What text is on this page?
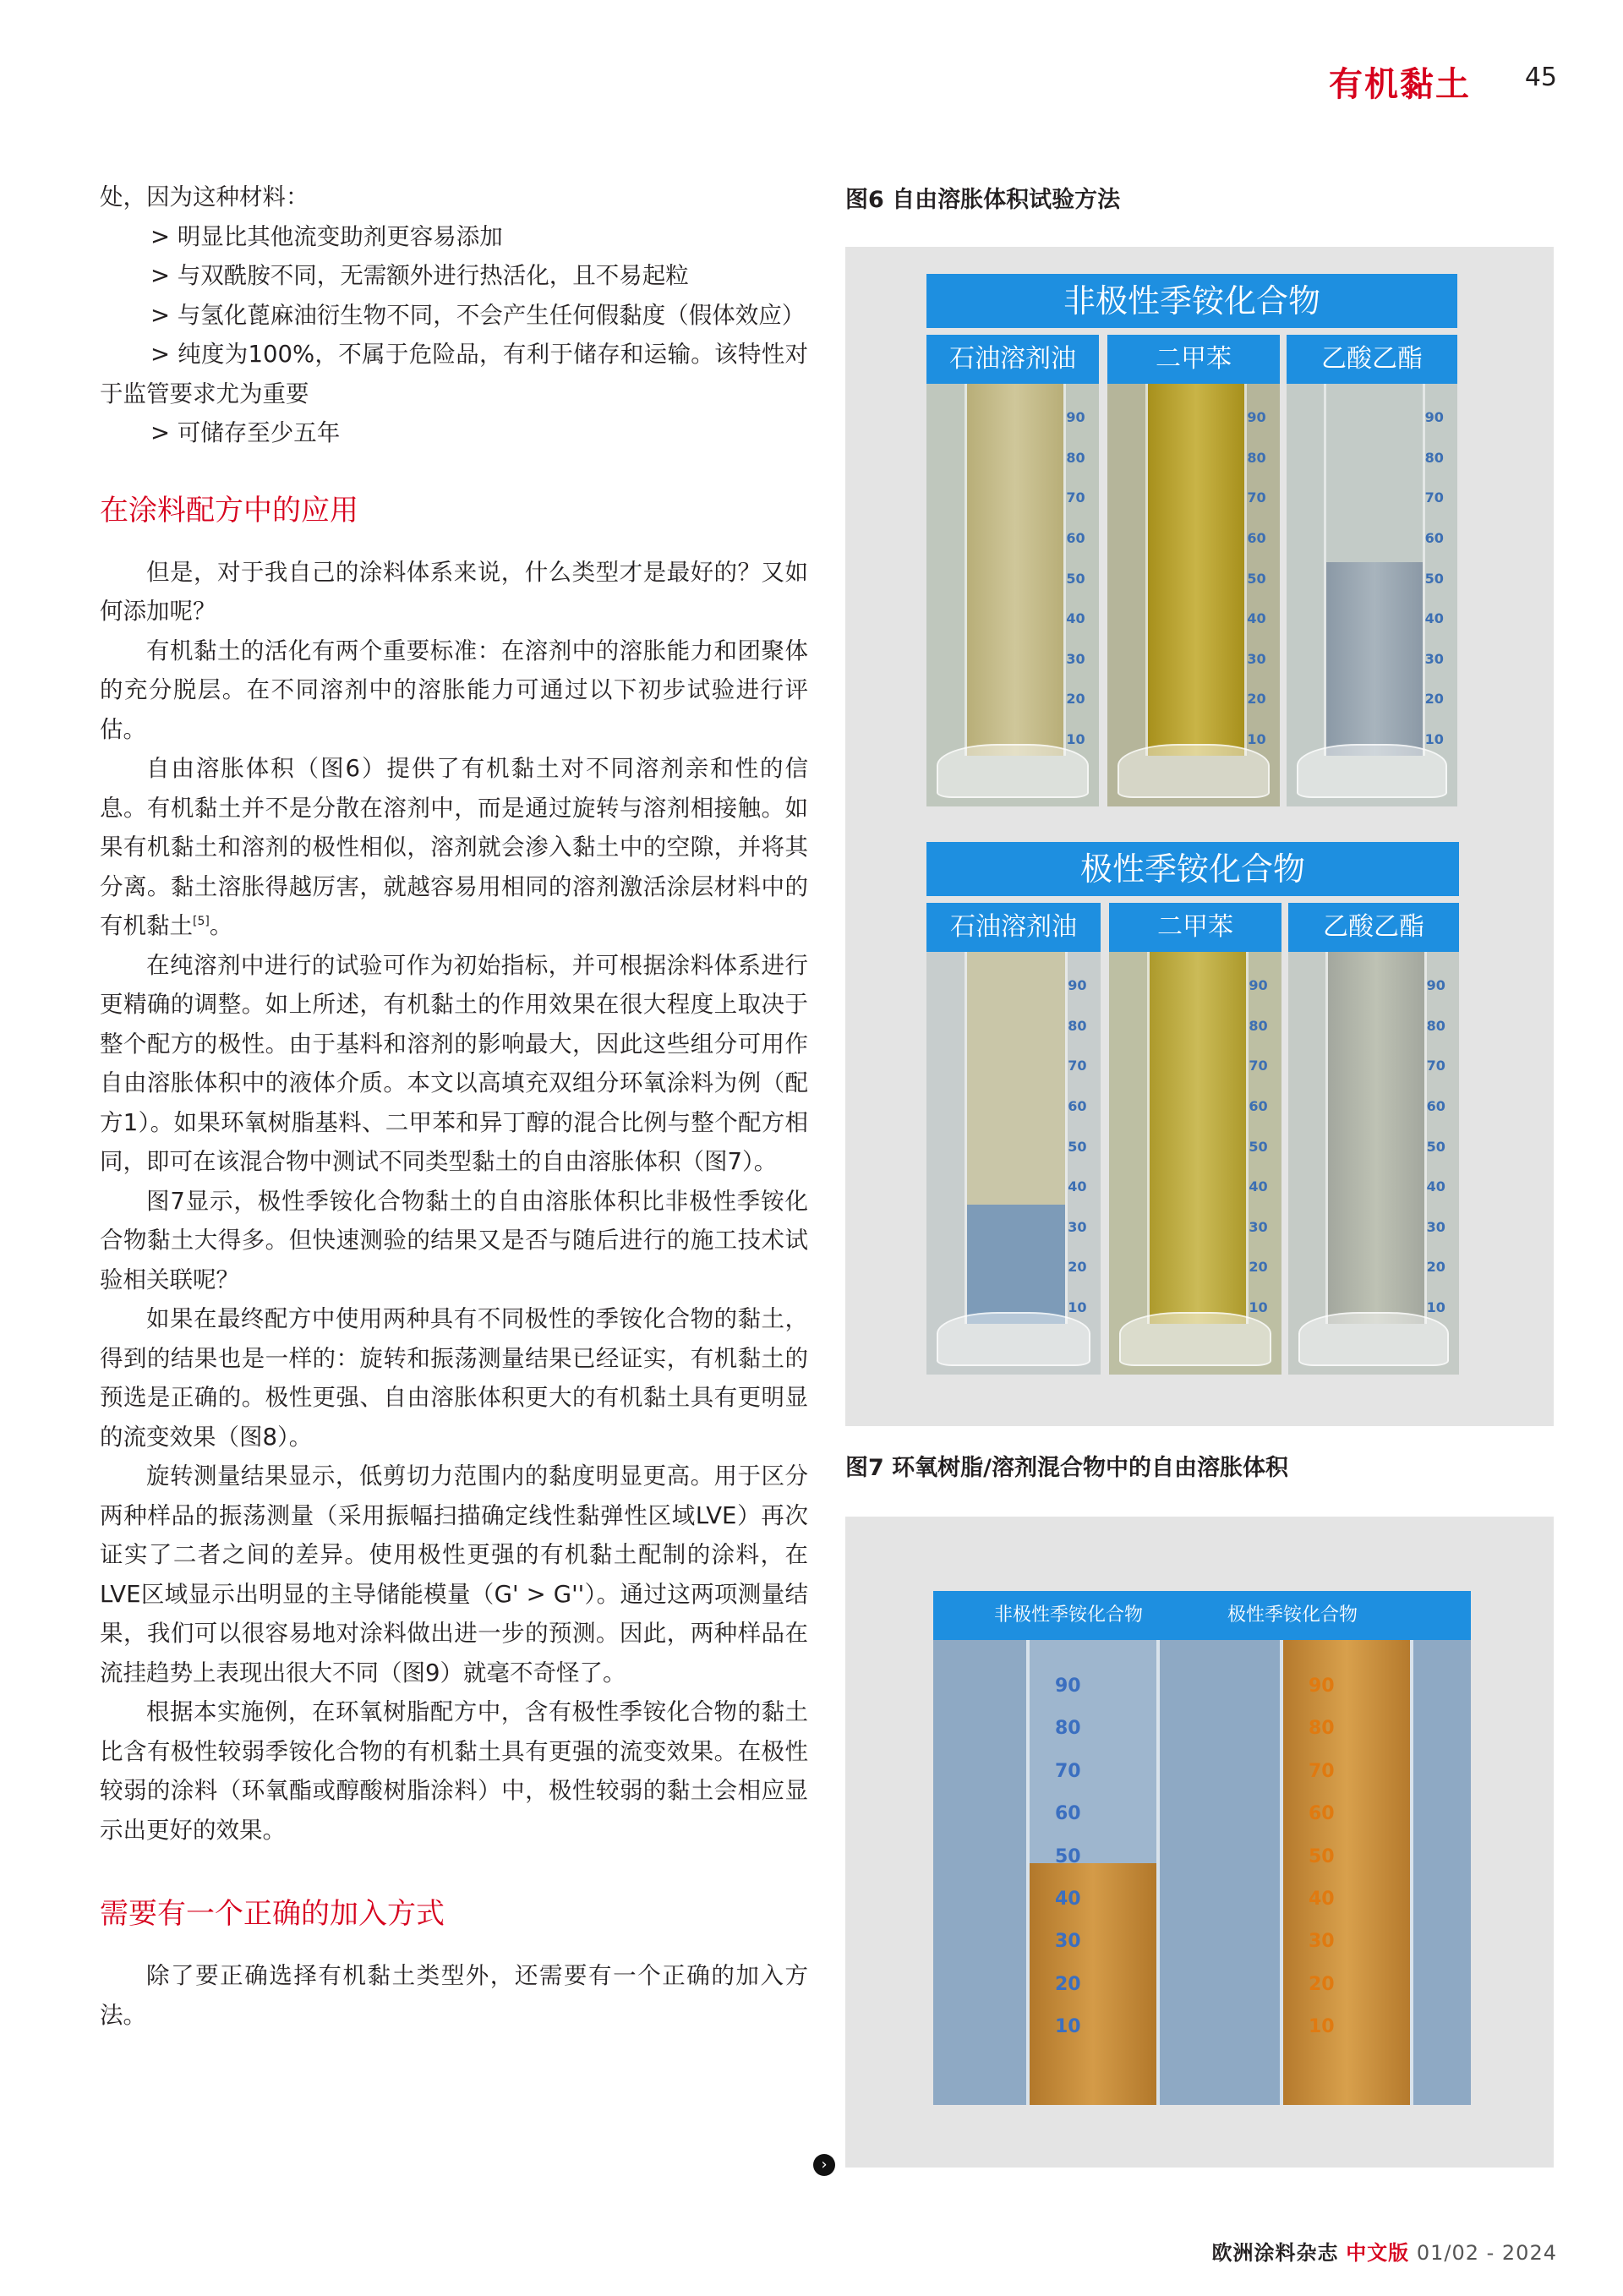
有机黏土 45

处，因为这种材料：

> 明显比其他流变助剂更容易添加

> 与双酰胺不同，无需额外进行热活化，且不易起粒

> 与氢化蓖麻油衍生物不同，不会产生任何假黏度（假体效应）

> 纯度为100%，不属于危险品，有利于储存和运输。该特性对于监管要求尤为重要

> 可储存至少五年

在涂料配方中的应用

但是，对于我自己的涂料体系来说，什么类型才是最好的？又如何添加呢？

有机黏土的活化有两个重要标准：在溶剂中的溶胀能力和团聚体的充分脱层。在不同溶剂中的溶胀能力可通过以下初步试验进行评估。

自由溶胀体积（图6）提供了有机黏土对不同溶剂亲和性的信息。有机黏土并不是分散在溶剂中，而是通过旋转与溶剂相接触。如果有机黏土和溶剂的极性相似，溶剂就会渗入黏土中的空隙，并将其分离。黏土溶胀得越厉害，就越容易用相同的溶剂激活涂层材料中的有机黏土[5]。

在纯溶剂中进行的试验可作为初始指标，并可根据涂料体系进行更精确的调整。如上所述，有机黏土的作用效果在很大程度上取决于整个配方的极性。由于基料和溶剂的影响最大，因此这些组分可用作自由溶胀体积中的液体介质。本文以高填充双组分环氧涂料为例（配方1）。如果环氧树脂基料、二甲苯和异丁醇的混合比例与整个配方相同，即可在该混合物中测试不同类型黏土的自由溶胀体积（图7）。

图7显示，极性季铵化合物黏土的自由溶胀体积比非极性季铵化合物黏土大得多。但快速测验的结果又是否与随后进行的施工技术试验相关联呢？

如果在最终配方中使用两种具有不同极性的季铵化合物的黏土，得到的结果也是一样的：旋转和振荡测量结果已经证实，有机黏土的预选是正确的。极性更强、自由溶胀体积更大的有机黏土具有更明显的流变效果（图8）。

旋转测量结果显示，低剪切力范围内的黏度明显更高。用于区分两种样品的振荡测量（采用振幅扫描确定线性黏弹性区域LVE）再次证实了二者之间的差异。使用极性更强的有机黏土配制的涂料，在LVE区域显示出明显的主导储能模量（G' > G''）。通过这两项测量结果，我们可以很容易地对涂料做出进一步的预测。因此，两种样品在流挂趋势上表现出很大不同（图9）就毫不奇怪了。

根据本实施例，在环氧树脂配方中，含有极性季铵化合物的黏土比含有极性较弱季铵化合物的有机黏土具有更强的流变效果。在极性较弱的涂料（环氧酯或醇酸树脂涂料）中，极性较弱的黏土会相应显示出更好的效果。

需要有一个正确的加入方式

除了要正确选择有机黏土类型外，还需要有一个正确的加入方法。

›
图6 自由溶胀体积试验方法
非极性季铵化合物
石油溶剂油	二甲苯	乙酸乙酯
90
80
70
60
50
40
30
20
10
90
80
70
60
50
40
30
20
10
90
80
70
60
50
40
30
20
10
极性季铵化合物
石油溶剂油	二甲苯	乙酸乙酯
90
80
70
60
50
40
30
20
10
90
80
70
60
50
40
30
20
10
90
80
70
60
50
40
30
20
10
图7 环氧树脂/溶剂混合物中的自由溶胀体积
非极性季铵化合物	极性季铵化合物
90
80
70
60
50
40
30
20
10
90
80
70
60
50
40
30
20
10
欧洲涂料杂志 中文版 01/02 - 2024
